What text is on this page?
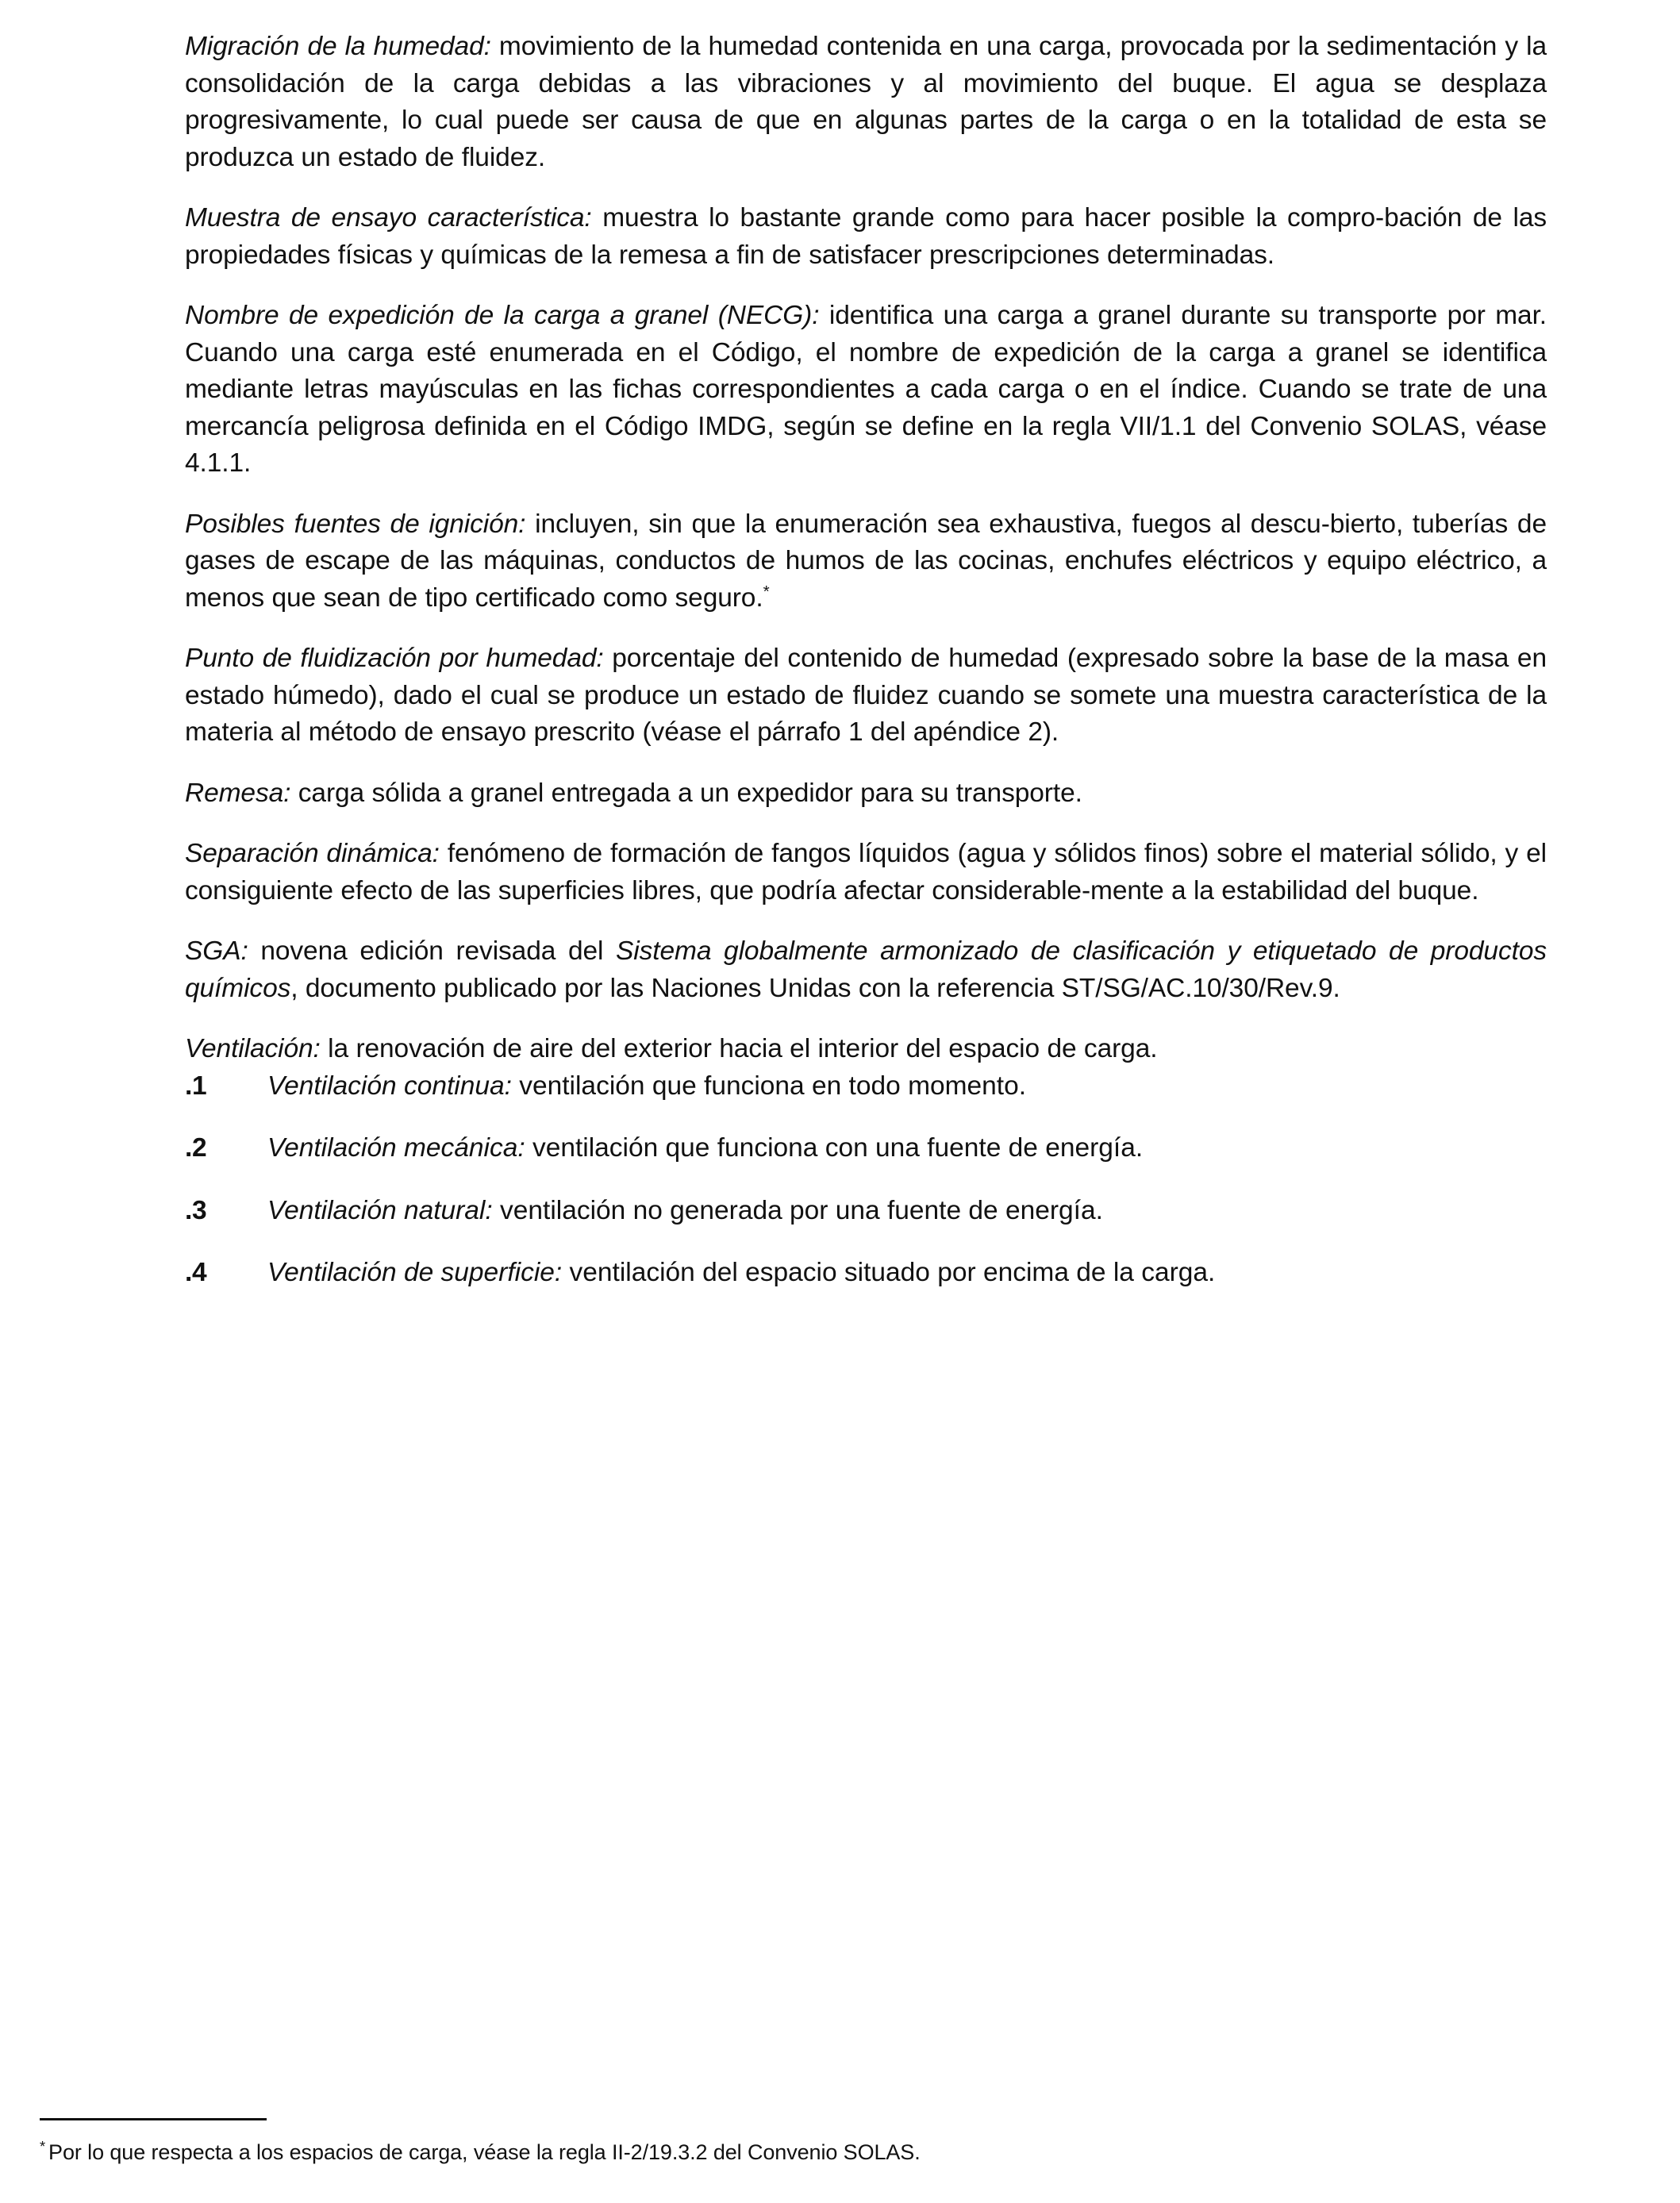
Migración de la humedad: movimiento de la humedad contenida en una carga, provocada por la sedimentación y la consolidación de la carga debidas a las vibraciones y al movimiento del buque. El agua se desplaza progresivamente, lo cual puede ser causa de que en algunas partes de la carga o en la totalidad de esta se produzca un estado de fluidez.

Muestra de ensayo característica: muestra lo bastante grande como para hacer posible la compro-bación de las propiedades físicas y químicas de la remesa a fin de satisfacer prescripciones determinadas.

Nombre de expedición de la carga a granel (NECG): identifica una carga a granel durante su transporte por mar. Cuando una carga esté enumerada en el Código, el nombre de expedición de la carga a granel se identifica mediante letras mayúsculas en las fichas correspondientes a cada carga o en el índice. Cuando se trate de una mercancía peligrosa definida en el Código IMDG, según se define en la regla VII/1.1 del Convenio SOLAS, véase 4.1.1.

Posibles fuentes de ignición: incluyen, sin que la enumeración sea exhaustiva, fuegos al descu-bierto, tuberías de gases de escape de las máquinas, conductos de humos de las cocinas, enchufes eléctricos y equipo eléctrico, a menos que sean de tipo certificado como seguro.*

Punto de fluidización por humedad: porcentaje del contenido de humedad (expresado sobre la base de la masa en estado húmedo), dado el cual se produce un estado de fluidez cuando se somete una muestra característica de la materia al método de ensayo prescrito (véase el párrafo 1 del apéndice 2).

Remesa: carga sólida a granel entregada a un expedidor para su transporte.

Separación dinámica: fenómeno de formación de fangos líquidos (agua y sólidos finos) sobre el material sólido, y el consiguiente efecto de las superficies libres, que podría afectar considerable-mente a la estabilidad del buque.

SGA: novena edición revisada del Sistema globalmente armonizado de clasificación y etiquetado de productos químicos, documento publicado por las Naciones Unidas con la referencia ST/SG/AC.10/30/Rev.9.

Ventilación: la renovación de aire del exterior hacia el interior del espacio de carga.

.1	Ventilación continua: ventilación que funciona en todo momento.
.2	Ventilación mecánica: ventilación que funciona con una fuente de energía.
.3	Ventilación natural: ventilación no generada por una fuente de energía.
.4	Ventilación de superficie: ventilación del espacio situado por encima de la carga.

* Por lo que respecta a los espacios de carga, véase la regla II-2/19.3.2 del Convenio SOLAS.
